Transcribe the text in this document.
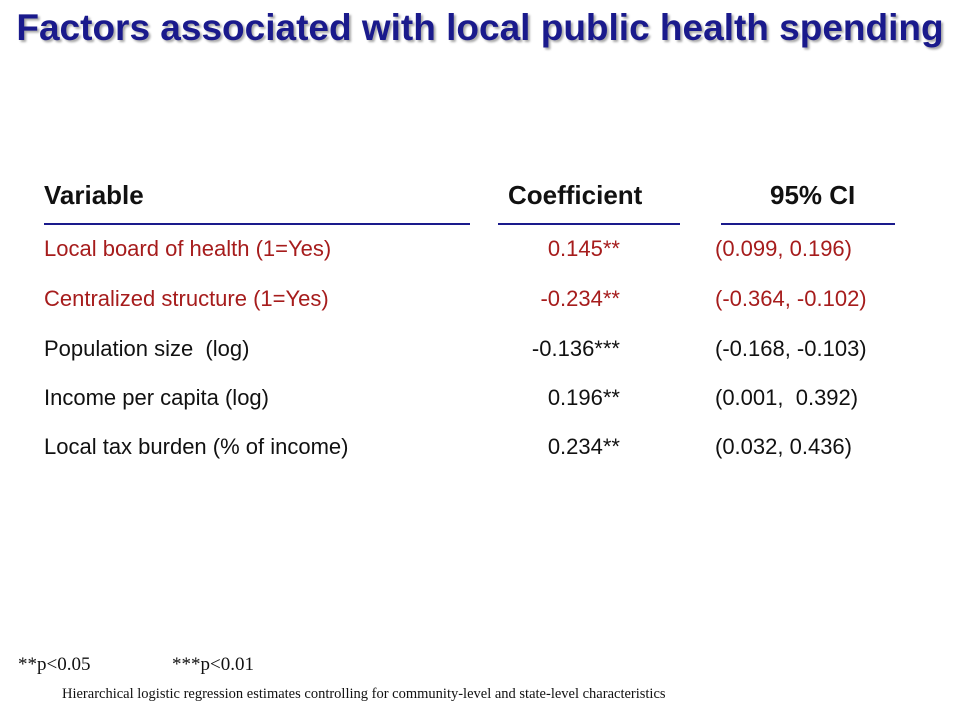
Factors associated with local public health spending
Variable	Coefficient	95% CI
Local board of health (1=Yes)	0.145**	(0.099, 0.196)
Centralized structure (1=Yes)	-0.234**	(-0.364, -0.102)
Population size  (log)	-0.136***	(-0.168, -0.103)
Income per capita (log)	0.196**	(0.001,  0.392)
Local tax burden (% of income)	0.234**	(0.032, 0.436)
**p<0.05	***p<0.01
Hierarchical logistic regression estimates controlling for community-level and state-level characteristics
